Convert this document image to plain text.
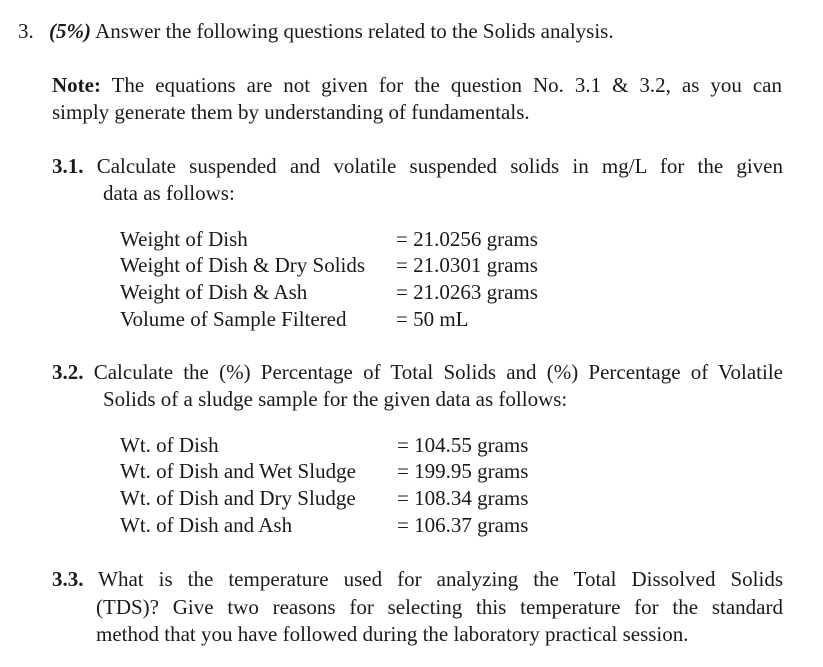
3. (5%) Answer the following questions related to the Solids analysis.
Note: The equations are not given for the question No. 3.1 & 3.2, as you can
simply generate them by understanding of fundamentals.
3.1. Calculate suspended and volatile suspended solids in mg/L for the given
data as follows:
Weight of Dish	= 21.0256 grams
Weight of Dish & Dry Solids = 21.0301 grams
Weight of Dish & Ash	= 21.0263 grams
Volume of Sample Filtered = 50 mL
3.2. Calculate the (%) Percentage of Total Solids and (%) Percentage of Volatile
Solids of a sludge sample for the given data as follows:
Wt. of Dish	= 104.55 grams
Wt. of Dish and Wet Sludge = 199.95 grams
Wt. of Dish and Dry Sludge = 108.34 grams
Wt. of Dish and Ash	= 106.37 grams
3.3. What is the temperature used for analyzing the Total Dissolved Solids
(TDS)? Give two reasons for selecting this temperature for the standard
method that you have followed during the laboratory practical session.
